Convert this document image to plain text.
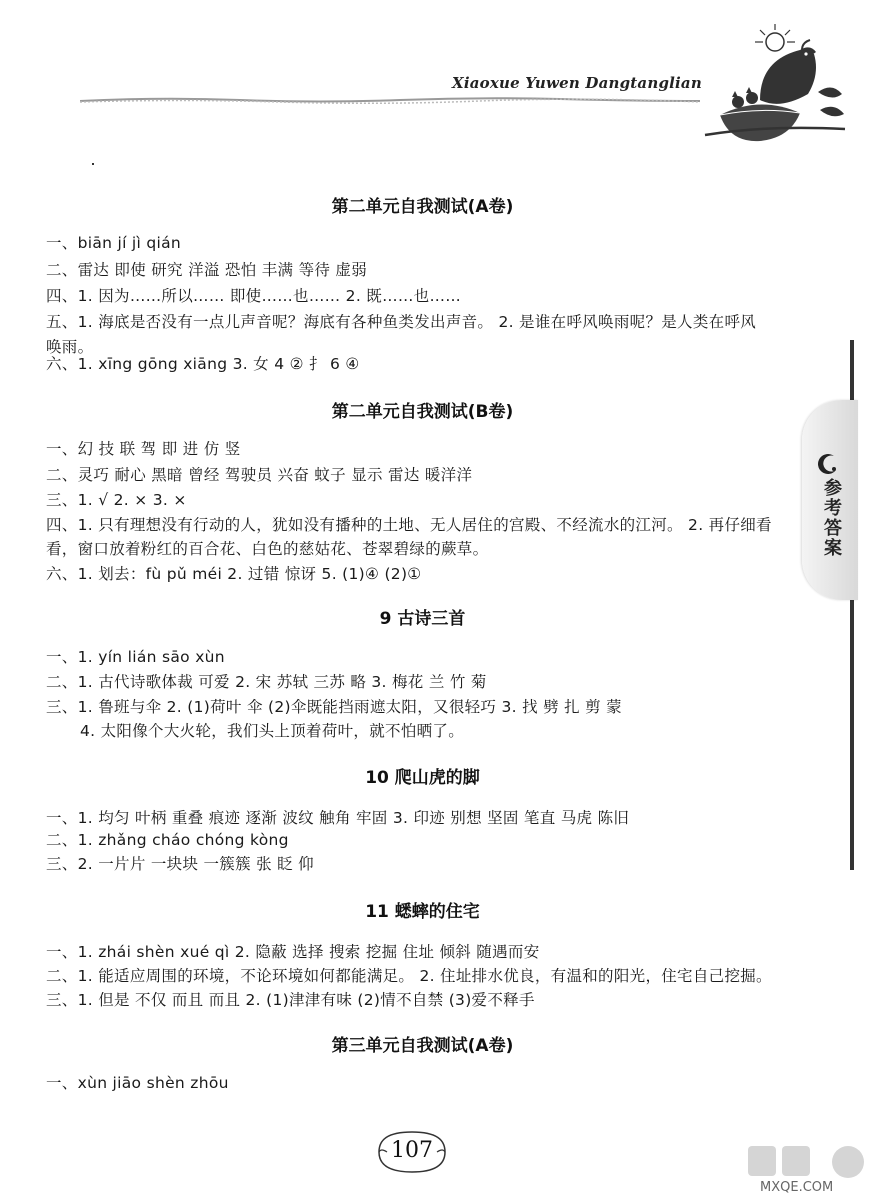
Xiaoxue Yuwen Dangtanglian
参考答案
第二单元自我测试(A卷)
一、biān jí jì qián
二、雷达 即使 研究 洋溢 恐怕 丰满 等待 虚弱
四、1. 因为……所以…… 即使……也…… 2. 既……也……
五、1. 海底是否没有一点儿声音呢？海底有各种鱼类发出声音。 2. 是谁在呼风唤雨呢？是人类在呼风
唤雨。
六、1. xīng gōng xiāng 3. 女 4 ② 扌 6 ④
第二单元自我测试(B卷)
一、幻 技 联 驾 即 进 仿 竖
二、灵巧 耐心 黑暗 曾经 驾驶员 兴奋 蚊子 显示 雷达 暖洋洋
三、1. √ 2. × 3. ×
四、1. 只有理想没有行动的人，犹如没有播种的土地、无人居住的宫殿、不经流水的江河。 2. 再仔细看
看，窗口放着粉红的百合花、白色的慈姑花、苍翠碧绿的蕨草。
六、1. 划去：fù pǔ méi 2. 过错 惊讶 5. (1)④ (2)①
9 古诗三首
一、1. yín lián sāo xùn
二、1. 古代诗歌体裁 可爱 2. 宋 苏轼 三苏 略 3. 梅花 兰 竹 菊
三、1. 鲁班与伞 2. (1)荷叶 伞 (2)伞既能挡雨遮太阳，又很轻巧 3. 找 劈 扎 剪 蒙
4. 太阳像个大火轮，我们头上顶着荷叶，就不怕晒了。
10 爬山虎的脚
一、1. 均匀 叶柄 重叠 痕迹 逐渐 波纹 触角 牢固 3. 印迹 别想 坚固 笔直 马虎 陈旧
二、1. zhǎng cháo chóng kòng
三、2. 一片片 一块块 一簇簇 张 眨 仰
11 蟋蟀的住宅
一、1. zhái shèn xué qì 2. 隐蔽 选择 搜索 挖掘 住址 倾斜 随遇而安
二、1. 能适应周围的环境，不论环境如何都能满足。 2. 住址排水优良，有温和的阳光，住宅自己挖掘。
三、1. 但是 不仅 而且 而且 2. (1)津津有味 (2)情不自禁 (3)爱不释手
第三单元自我测试(A卷)
一、xùn jiāo shèn zhōu
107
MXQE.COM
